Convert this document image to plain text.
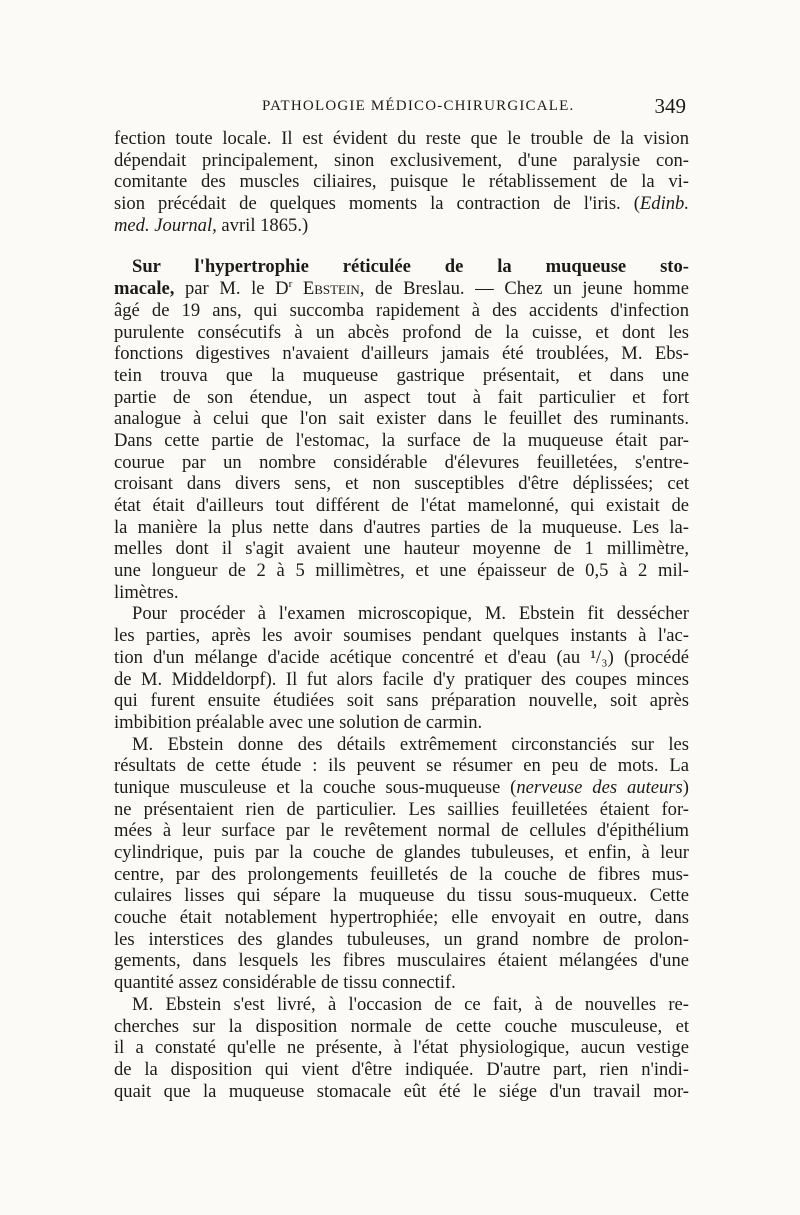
PATHOLOGIE MÉDICO-CHIRURGICALE.	349
fection toute locale. Il est évident du reste que le trouble de la vision
dépendait principalement, sinon exclusivement, d'une paralysie con-
comitante des muscles ciliaires, puisque le rétablissement de la vi-
sion précédait de quelques moments la contraction de l'iris. (Edinb.
med. Journal, avril 1865.)
Sur l'hypertrophie réticulée de la muqueuse sto-
macale, par M. le $D^r$ Ebstein, de Breslau. — Chez un jeune homme
âgé de 19 ans, qui succomba rapidement à des accidents d'infection
purulente consécutifs à un abcès profond de la cuisse, et dont les
fonctions digestives n'avaient d'ailleurs jamais été troublées, M. Ebs-
tein trouva que la muqueuse gastrique présentait, et dans une
partie de son étendue, un aspect tout à fait particulier et fort
analogue à celui que l'on sait exister dans le feuillet des ruminants.
Dans cette partie de l'estomac, la surface de la muqueuse était par-
courue par un nombre considérable d'élevures feuilletées, s'entre-
croisant dans divers sens, et non susceptibles d'être déplissées; cet
état était d'ailleurs tout différent de l'état mamelonné, qui existait de
la manière la plus nette dans d'autres parties de la muqueuse. Les la-
melles dont il s'agit avaient une hauteur moyenne de 1 millimètre,
une longueur de 2 à 5 millimètres, et une épaisseur de 0,5 à 2 mil-
limètres.
Pour procéder à l'examen microscopique, M. Ebstein fit dessécher
les parties, après les avoir soumises pendant quelques instants à l'ac-
tion d'un mélange d'acide acétique concentré et d'eau (au ¹/₃) (procédé
de M. Middeldorpf). Il fut alors facile d'y pratiquer des coupes minces
qui furent ensuite étudiées soit sans préparation nouvelle, soit après
imbibition préalable avec une solution de carmin.
M. Ebstein donne des détails extrêmement circonstanciés sur les
résultats de cette étude : ils peuvent se résumer en peu de mots. La
tunique musculeuse et la couche sous-muqueuse (nerveuse des auteurs)
ne présentaient rien de particulier. Les saillies feuilletées étaient for-
mées à leur surface par le revêtement normal de cellules d'épithélium
cylindrique, puis par la couche de glandes tubuleuses, et enfin, à leur
centre, par des prolongements feuilletés de la couche de fibres mus-
culaires lisses qui sépare la muqueuse du tissu sous-muqueux. Cette
couche était notablement hypertrophiée; elle envoyait en outre, dans
les interstices des glandes tubuleuses, un grand nombre de prolon-
gements, dans lesquels les fibres musculaires étaient mélangées d'une
quantité assez considérable de tissu connectif.
M. Ebstein s'est livré, à l'occasion de ce fait, à de nouvelles re-
cherches sur la disposition normale de cette couche musculeuse, et
il a constaté qu'elle ne présente, à l'état physiologique, aucun vestige
de la disposition qui vient d'être indiquée. D'autre part, rien n'indi-
quait que la muqueuse stomacale eût été le siége d'un travail mor-
